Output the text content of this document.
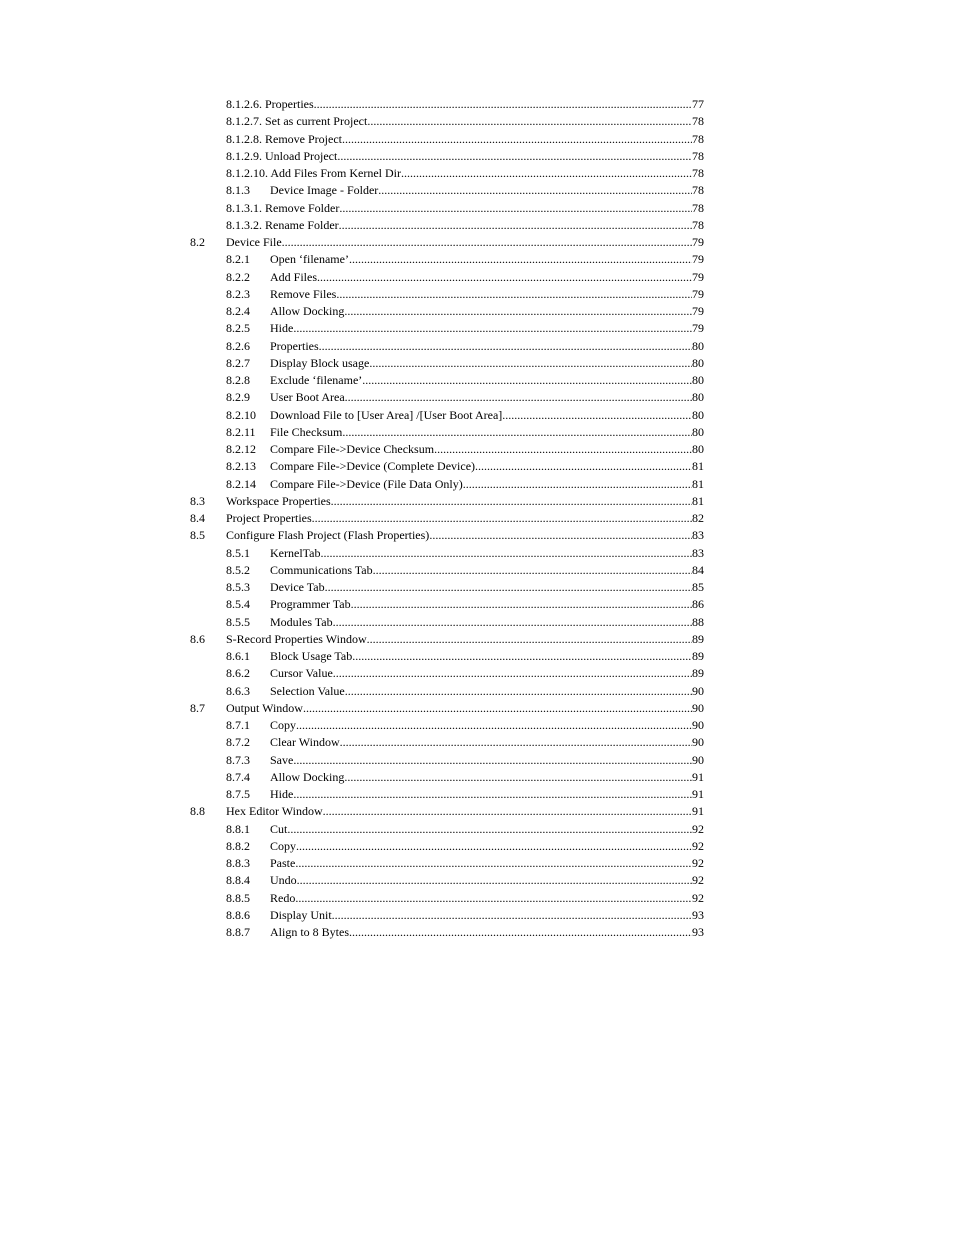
8.1.2.6. Properties .....	77
8.1.2.7. Set as current Project .....	78
8.1.2.8. Remove Project .....	78
8.1.2.9. Unload Project .....	78
8.1.2.10. Add Files From Kernel Dir .....	78
8.1.3 Device Image - Folder .....	78
8.1.3.1. Remove Folder .....	78
8.1.3.2. Rename Folder .....	78
8.2 Device File .....	79
8.2.1 Open ‘filename’ .....	79
8.2.2 Add Files... .....	79
8.2.3 Remove Files... .....	79
8.2.4 Allow Docking .....	79
8.2.5 Hide .....	79
8.2.6 Properties .....	80
8.2.7 Display Block usage... .....	80
8.2.8 Exclude ‘filename’ .....	80
8.2.9 User Boot Area .....	80
8.2.10 Download File to [User Area] /[User Boot Area] .....	80
8.2.11 File Checksum .....	80
8.2.12 Compare File->Device Checksum .....	80
8.2.13 Compare File->Device (Complete Device) .....	81
8.2.14 Compare File->Device (File Data Only) .....	81
8.3 Workspace Properties .....	81
8.4 Project Properties .....	82
8.5 Configure Flash Project (Flash Properties) .....	83
8.5.1 KernelTab .....	83
8.5.2 Communications Tab .....	84
8.5.3 Device Tab .....	85
8.5.4 Programmer Tab .....	86
8.5.5 Modules Tab .....	88
8.6 S-Record Properties Window .....	89
8.6.1 Block Usage Tab .....	89
8.6.2 Cursor Value .....	89
8.6.3 Selection Value .....	90
8.7 Output Window .....	90
8.7.1 Copy .....	90
8.7.2 Clear Window .....	90
8.7.3 Save .....	90
8.7.4 Allow Docking .....	91
8.7.5 Hide .....	91
8.8 Hex Editor Window .....	91
8.8.1 Cut .....	92
8.8.2 Copy .....	92
8.8.3 Paste .....	92
8.8.4 Undo .....	92
8.8.5 Redo .....	92
8.8.6 Display Unit .....	93
8.8.7 Align to 8 Bytes .....	93
